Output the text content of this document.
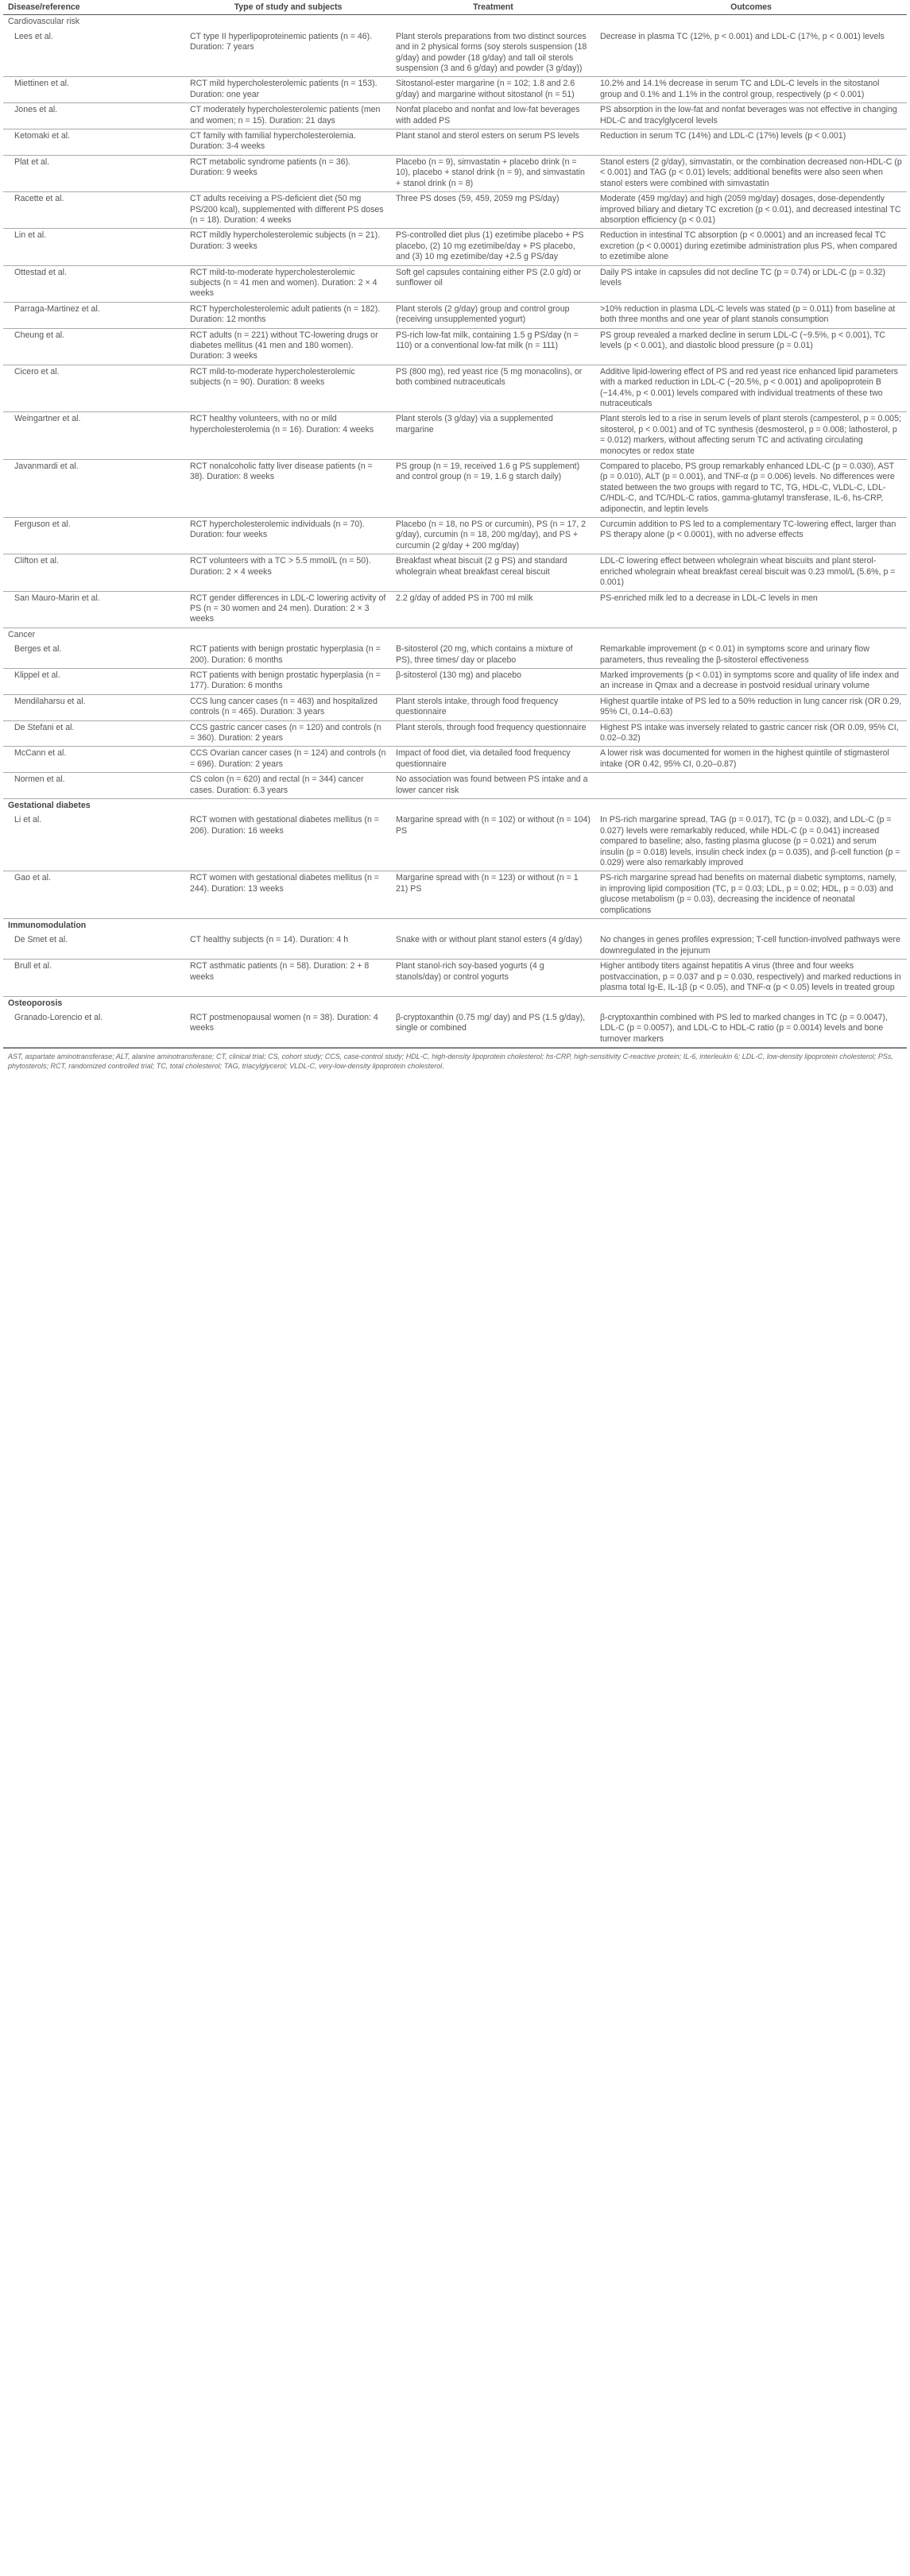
Disease/reference	Type of study and subjects	Treatment	Outcomes
Cardiovascular risk			
Lees et al.	CT type II hyperlipoproteinemic patients (n = 46). Duration: 7 years	Plant sterols preparations from two distinct sources and in 2 physical forms (soy sterols suspension (18 g/day) and powder (18 g/day) and tall oil sterols suspension (3 and 6 g/day) and powder (3 g/day))	Decrease in plasma TC (12%, p < 0.001) and LDL-C (17%, p < 0.001) levels
Miettinen et al.	RCT mild hypercholesterolemic patients (n = 153). Duration: one year	Sitostanol-ester margarine (n = 102; 1.8 and 2.6 g/day) and margarine without sitostanol (n = 51)	10.2% and 14.1% decrease in serum TC and LDL-C levels in the sitostanol group and 0.1% and 1.1% in the control group, respectively (p < 0.001)
Jones et al.	CT moderately hypercholesterolemic patients (men and women; n = 15). Duration: 21 days	Nonfat placebo and nonfat and low-fat beverages with added PS	PS absorption in the low-fat and nonfat beverages was not effective in changing HDL-C and tracylglycerol levels
Ketomaki et al.	CT family with familial hypercholesterolemia. Duration: 3-4 weeks	Plant stanol and sterol esters on serum PS levels	Reduction in serum TC (14%) and LDL-C (17%) levels (p < 0.001)
Plat et al.	RCT metabolic syndrome patients (n = 36). Duration: 9 weeks	Placebo (n = 9), simvastatin + placebo drink (n = 10), placebo + stanol drink (n = 9), and simvastatin + stanol drink (n = 8)	Stanol esters (2 g/day), simvastatin, or the combination decreased non-HDL-C (p < 0.001) and TAG (p < 0.01) levels; additional benefits were also seen when stanol esters were combined with simvastatin
Racette et al.	CT adults receiving a PS-deficient diet (50 mg PS/200 kcal), supplemented with different PS doses (n = 18). Duration: 4 weeks	Three PS doses (59, 459, 2059 mg PS/day)	Moderate (459 mg/day) and high (2059 mg/day) dosages, dose-dependently improved biliary and dietary TC excretion (p < 0.01), and decreased intestinal TC absorption efficiency (p < 0.01)
Lin et al.	RCT mildly hypercholesterolemic subjects (n = 21). Duration: 3 weeks	PS-controlled diet plus (1) ezetimibe placebo + PS placebo, (2) 10 mg ezetimibe/day + PS placebo, and (3) 10 mg ezetimibe/day +2.5 g PS/day	Reduction in intestinal TC absorption (p < 0.0001) and an increased fecal TC excretion (p < 0.0001) during ezetimibe administration plus PS, when compared to ezetimibe alone
Ottestad et al.	RCT mild-to-moderate hypercholesterolemic subjects (n = 41 men and women). Duration: 2 × 4 weeks	Soft gel capsules containing either PS (2.0 g/d) or sunflower oil	Daily PS intake in capsules did not decline TC (p = 0.74) or LDL-C (p = 0.32) levels
Parraga-Martinez et al.	RCT hypercholesterolemic adult patients (n = 182). Duration: 12 months	Plant sterols (2 g/day) group and control group (receiving unsupplemented yogurt)	>10% reduction in plasma LDL-C levels was stated (p = 0.011) from baseline at both three months and one year of plant stanols consumption
Cheung et al.	RCT adults (n = 221) without TC-lowering drugs or diabetes mellitus (41 men and 180 women). Duration: 3 weeks	PS-rich low-fat milk, containing 1.5 g PS/day (n = 110) or a conventional low-fat milk (n = 111)	PS group revealed a marked decline in serum LDL-C (−9.5%, p < 0.001), TC levels (p < 0.001), and diastolic blood pressure (p = 0.01)
Cicero et al.	RCT mild-to-moderate hypercholesterolemic subjects (n = 90). Duration: 8 weeks	PS (800 mg), red yeast rice (5 mg monacolins), or both combined nutraceuticals	Additive lipid-lowering effect of PS and red yeast rice enhanced lipid parameters with a marked reduction in LDL-C (−20.5%, p < 0.001) and apolipoprotein B (−14.4%, p < 0.001) levels compared with individual treatments of these two nutraceuticals
Weingartner et al.	RCT healthy volunteers, with no or mild hypercholesterolemia (n = 16). Duration: 4 weeks	Plant sterols (3 g/day) via a supplemented margarine	Plant sterols led to a rise in serum levels of plant sterols (campesterol, p = 0.005; sitosterol, p < 0.001) and of TC synthesis (desmosterol, p = 0.008; lathosterol, p = 0.012) markers, without affecting serum TC and activating circulating monocytes or redox state
Javanmardi et al.	RCT nonalcoholic fatty liver disease patients (n = 38). Duration: 8 weeks	PS group (n = 19, received 1.6 g PS supplement) and control group (n = 19, 1.6 g starch daily)	Compared to placebo, PS group remarkably enhanced LDL-C (p = 0.030), AST (p = 0.010), ALT (p = 0.001), and TNF-α (p = 0.006) levels. No differences were stated between the two groups with regard to TC, TG, HDL-C, VLDL-C, LDL-C/HDL-C, and TC/HDL-C ratios, gamma-glutamyl transferase, IL-6, hs-CRP, adiponectin, and leptin levels
Ferguson et al.	RCT hypercholesterolemic individuals (n = 70). Duration: four weeks	Placebo (n = 18, no PS or curcumin), PS (n = 17, 2 g/day), curcumin (n = 18, 200 mg/day), and PS + curcumin (2 g/day + 200 mg/day)	Curcumin addition to PS led to a complementary TC-lowering effect, larger than PS therapy alone (p < 0.0001), with no adverse effects
Clifton et al.	RCT volunteers with a TC > 5.5 mmol/L (n = 50). Duration: 2 × 4 weeks	Breakfast wheat biscuit (2 g PS) and standard wholegrain wheat breakfast cereal biscuit	LDL-C lowering effect between wholegrain wheat biscuits and plant sterol-enriched wholegrain wheat breakfast cereal biscuit was 0.23 mmol/L (5.6%, p = 0.001)
San Mauro-Marin et al.	RCT gender differences in LDL-C lowering activity of PS (n = 30 women and 24 men). Duration: 2 × 3 weeks	2.2 g/day of added PS in 700 ml milk	PS-enriched milk led to a decrease in LDL-C levels in men
Cancer			
Berges et al.	RCT patients with benign prostatic hyperplasia (n = 200). Duration: 6 months	B-sitosterol (20 mg, which contains a mixture of PS), three times/ day or placebo	Remarkable improvement (p < 0.01) in symptoms score and urinary flow parameters, thus revealing the β-sitosterol effectiveness
Klippel et al.	RCT patients with benign prostatic hyperplasia (n = 177). Duration: 6 months	β-sitosterol (130 mg) and placebo	Marked improvements (p < 0.01) in symptoms score and quality of life index and an increase in Qmax and a decrease in postvoid residual urinary volume
Mendilaharsu et al.	CCS lung cancer cases (n = 463) and hospitalized controls (n = 465). Duration: 3 years	Plant sterols intake, through food frequency questionnaire	Highest quartile intake of PS led to a 50% reduction in lung cancer risk (OR 0.29, 95% CI, 0.14–0.63)
De Stefani et al.	CCS gastric cancer cases (n = 120) and controls (n = 360). Duration: 2 years	Plant sterols, through food frequency questionnaire	Highest PS intake was inversely related to gastric cancer risk (OR 0.09, 95% CI, 0.02–0.32)
McCann et al.	CCS Ovarian cancer cases (n = 124) and controls (n = 696). Duration: 2 years	Impact of food diet, via detailed food frequency questionnaire	A lower risk was documented for women in the highest quintile of stigmasterol intake (OR 0.42, 95% CI, 0.20–0.87)
Normen et al.	CS colon (n = 620) and rectal (n = 344) cancer cases. Duration: 6.3 years	No association was found between PS intake and a lower cancer risk	
Gestational diabetes			
Li et al.	RCT women with gestational diabetes mellitus (n = 206). Duration: 16 weeks	Margarine spread with (n = 102) or without (n = 104) PS	In PS-rich margarine spread, TAG (p = 0.017), TC (p = 0.032), and LDL-C (p = 0.027) levels were remarkably reduced, while HDL-C (p = 0.041) increased compared to baseline; also, fasting plasma glucose (p = 0.021) and serum insulin (p = 0.018) levels, insulin check index (p = 0.035), and β-cell function (p = 0.029) were also remarkably improved
Gao et al.	RCT women with gestational diabetes mellitus (n = 244). Duration: 13 weeks	Margarine spread with (n = 123) or without (n = 1 21) PS	PS-rich margarine spread had benefits on maternal diabetic symptoms, namely, in improving lipid composition (TC, p = 0.03; LDL, p = 0.02; HDL, p = 0.03) and glucose metabolism (p = 0.03), decreasing the incidence of neonatal complications
Immunomodulation			
De Smet et al.	CT healthy subjects (n = 14). Duration: 4 h	Snake with or without plant stanol esters (4 g/day)	No changes in genes profiles expression; T-cell function-involved pathways were downregulated in the jejunum
Brull et al.	RCT asthmatic patients (n = 58). Duration: 2 + 8 weeks	Plant stanol-rich soy-based yogurts (4 g stanols/day) or control yogurts	Higher antibody titers against hepatitis A virus (three and four weeks postvaccination, p = 0.037 and p = 0.030, respectively) and marked reductions in plasma total Ig-E, IL-1β (p < 0.05), and TNF-α (p < 0.05) levels in treated group
Osteoporosis			
Granado-Lorencio et al.	RCT postmenopausal women (n = 38). Duration: 4 weeks	β-cryptoxanthin (0.75 mg/ day) and PS (1.5 g/day), single or combined	β-cryptoxanthin combined with PS led to marked changes in TC (p = 0.0047), LDL-C (p = 0.0057), and LDL-C to HDL-C ratio (p = 0.0014) levels and bone turnover markers
AST, aspartate aminotransferase; ALT, alanine aminotransferase; CT, clinical trial; CS, cohort study; CCS, case-control study; HDL-C, high-density lipoprotein cholesterol; hs-CRP, high-sensitivity C-reactive protein; IL-6, interleukin 6; LDL-C, low-density lipoprotein cholesterol; PSs, phytosterols; RCT, randomized controlled trial; TC, total cholesterol; TAG, triacylglycerol; VLDL-C, very-low-density lipoprotein cholesterol.
